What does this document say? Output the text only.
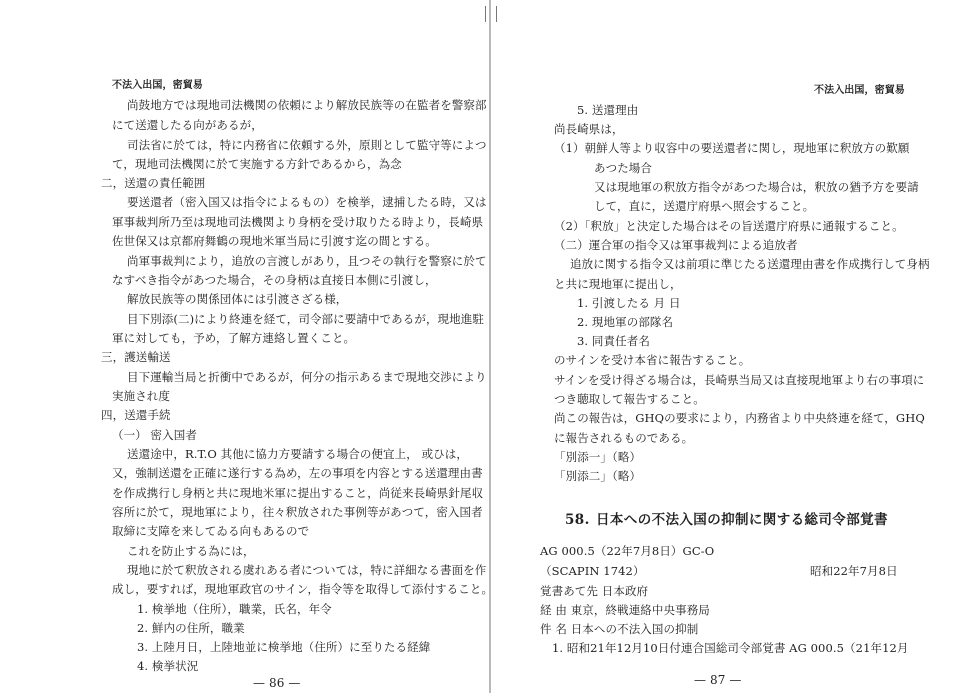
不法入出国，密貿易

尚鼓地方では現地司法機関の依頼により解放民族等の在監者を警察部

にて送還したる向があるが，

司法省に於ては，特に内務省に依頼する外，原則として監守等によつ

て，現地司法機関に於て実施する方針であるから，為念

二，送還の責任範囲

要送還者（密入国又は指令によるもの）を検挙，逮捕したる時，又は

軍事裁判所乃至は現地司法機関より身柄を受け取りたる時より，長崎県

佐世保又は京都府舞鶴の現地米軍当局に引渡す迄の間とする。

尚軍事裁判により，追放の言渡しがあり，且つその執行を警察に於て

なすべき指令があつた場合，その身柄は直接日本側に引渡し，

解放民族等の関係団体には引渡さざる様，

目下別添(二)により終連を経て，司令部に要請中であるが，現地進駐

軍に対しても，予め，了解方連絡し置くこと。

三，護送輸送

目下運輸当局と折衝中であるが，何分の指示あるまで現地交渉により

実施され度

四，送還手続

（一） 密入国者

送還途中，R.T.O 其他に協力方要請する場合の便宜上， 或ひは，

又，強制送還を正確に遂行する為め，左の事項を内容とする送還理由書

を作成携行し身柄と共に現地米軍に提出すること，尚従来長崎県針尾収

容所に於て，現地軍により，往々釈放された事例等があつて，密入国者

取締に支障を来してゐる向もあるので

これを防止する為には，

現地に於て釈放される虞れある者については，特に詳細なる書面を作

成し，要すれば，現地軍政官のサイン，指令等を取得して添付すること。

1. 検挙地（住所），職業，氏名，年令

2. 鮮内の住所，職業

3. 上陸月日，上陸地並に検挙地（住所）に至りたる経緯

4. 検挙状況

— 86 —

不法入出国，密貿易

5. 送還理由

尚長崎県は，

（1）朝鮮人等より収容中の要送還者に関し，現地軍に釈放方の歎願

あつた場合

又は現地軍の釈放方指令があつた場合は，釈放の猶予方を要請

して，直に，送還庁府県へ照会すること。

（2）「釈放」と決定した場合はその旨送還庁府県に通報すること。

（二）運合軍の指令又は軍事裁判による追放者

追放に関する指令又は前項に準じたる送還理由書を作成携行して身柄

と共に現地軍に提出し，

1. 引渡したる 月 日

2. 現地軍の部隊名

3. 同責任者名

のサインを受け本省に報告すること。

サインを受け得ざる場合は，長崎県当局又は直接現地軍より右の事項に

つき聴取して報告すること。

尚この報告は，GHQの要求により，内務省より中央終連を経て，GHQ

に報告されるものである。

「別添一」（略）

「別添二」（略）

58. 日本への不法入国の抑制に関する総司令部覚書

AG 000.5（22年7月8日）GC-O

（SCAPIN 1742）	昭和22年7月8日

覚書あて先 日本政府

経 由 東京，終戦連絡中央事務局

件 名 日本への不法入国の抑制

1. 昭和21年12月10日付連合国総司令部覚書 AG 000.5（21年12月

— 87 —
